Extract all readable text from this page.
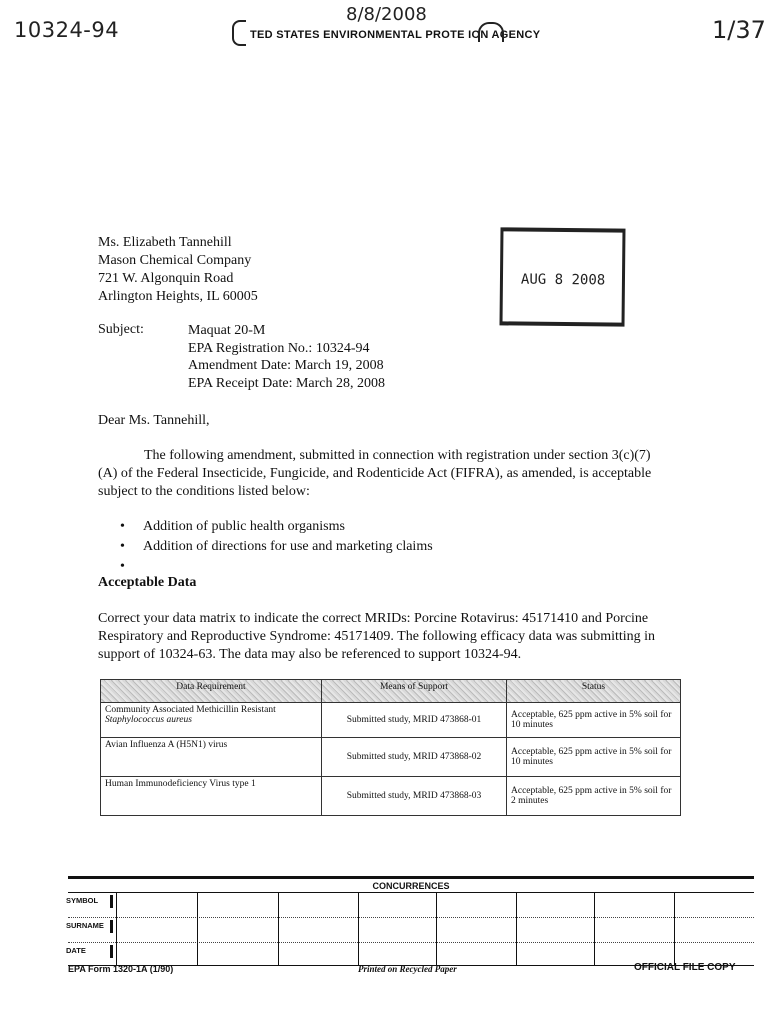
10324-94
8/8/2008
1/37
TED STATES ENVIRONMENTAL PROTE ION AGENCY
AUG 8 2008
Ms. Elizabeth Tannehill
Mason Chemical Company
721 W. Algonquin Road
Arlington Heights, IL 60005
Subject:	Maquat 20-M
EPA Registration No.: 10324-94
Amendment Date: March 19, 2008
EPA Receipt Date: March 28, 2008
Dear Ms. Tannehill,
The following amendment, submitted in connection with registration under section 3(c)(7)(A) of the Federal Insecticide, Fungicide, and Rodenticide Act (FIFRA), as amended, is acceptable subject to the conditions listed below:
• Addition of public health organisms
• Addition of directions for use and marketing claims
•
Acceptable Data
Correct your data matrix to indicate the correct MRIDs: Porcine Rotavirus: 45171410 and Porcine Respiratory and Reproductive Syndrome: 45171409. The following efficacy data was submitting in support of 10324-63. The data may also be referenced to support 10324-94.
Data Requirement	Means of Support	Status
Community Associated Methicillin Resistant Staphylococcus aureus	Submitted study, MRID 473868-01	Acceptable, 625 ppm active in 5% soil for 10 minutes
Avian Influenza A (H5N1) virus	Submitted study, MRID 473868-02	Acceptable, 625 ppm active in 5% soil for 10 minutes
Human Immunodeficiency Virus type 1	Submitted study, MRID 473868-03	Acceptable, 625 ppm active in 5% soil for 2 minutes
CONCURRENCES
SYMBOL
SURNAME
DATE
EPA Form 1320-1A (1/90)	Printed on Recycled Paper	OFFICIAL FILE COPY
